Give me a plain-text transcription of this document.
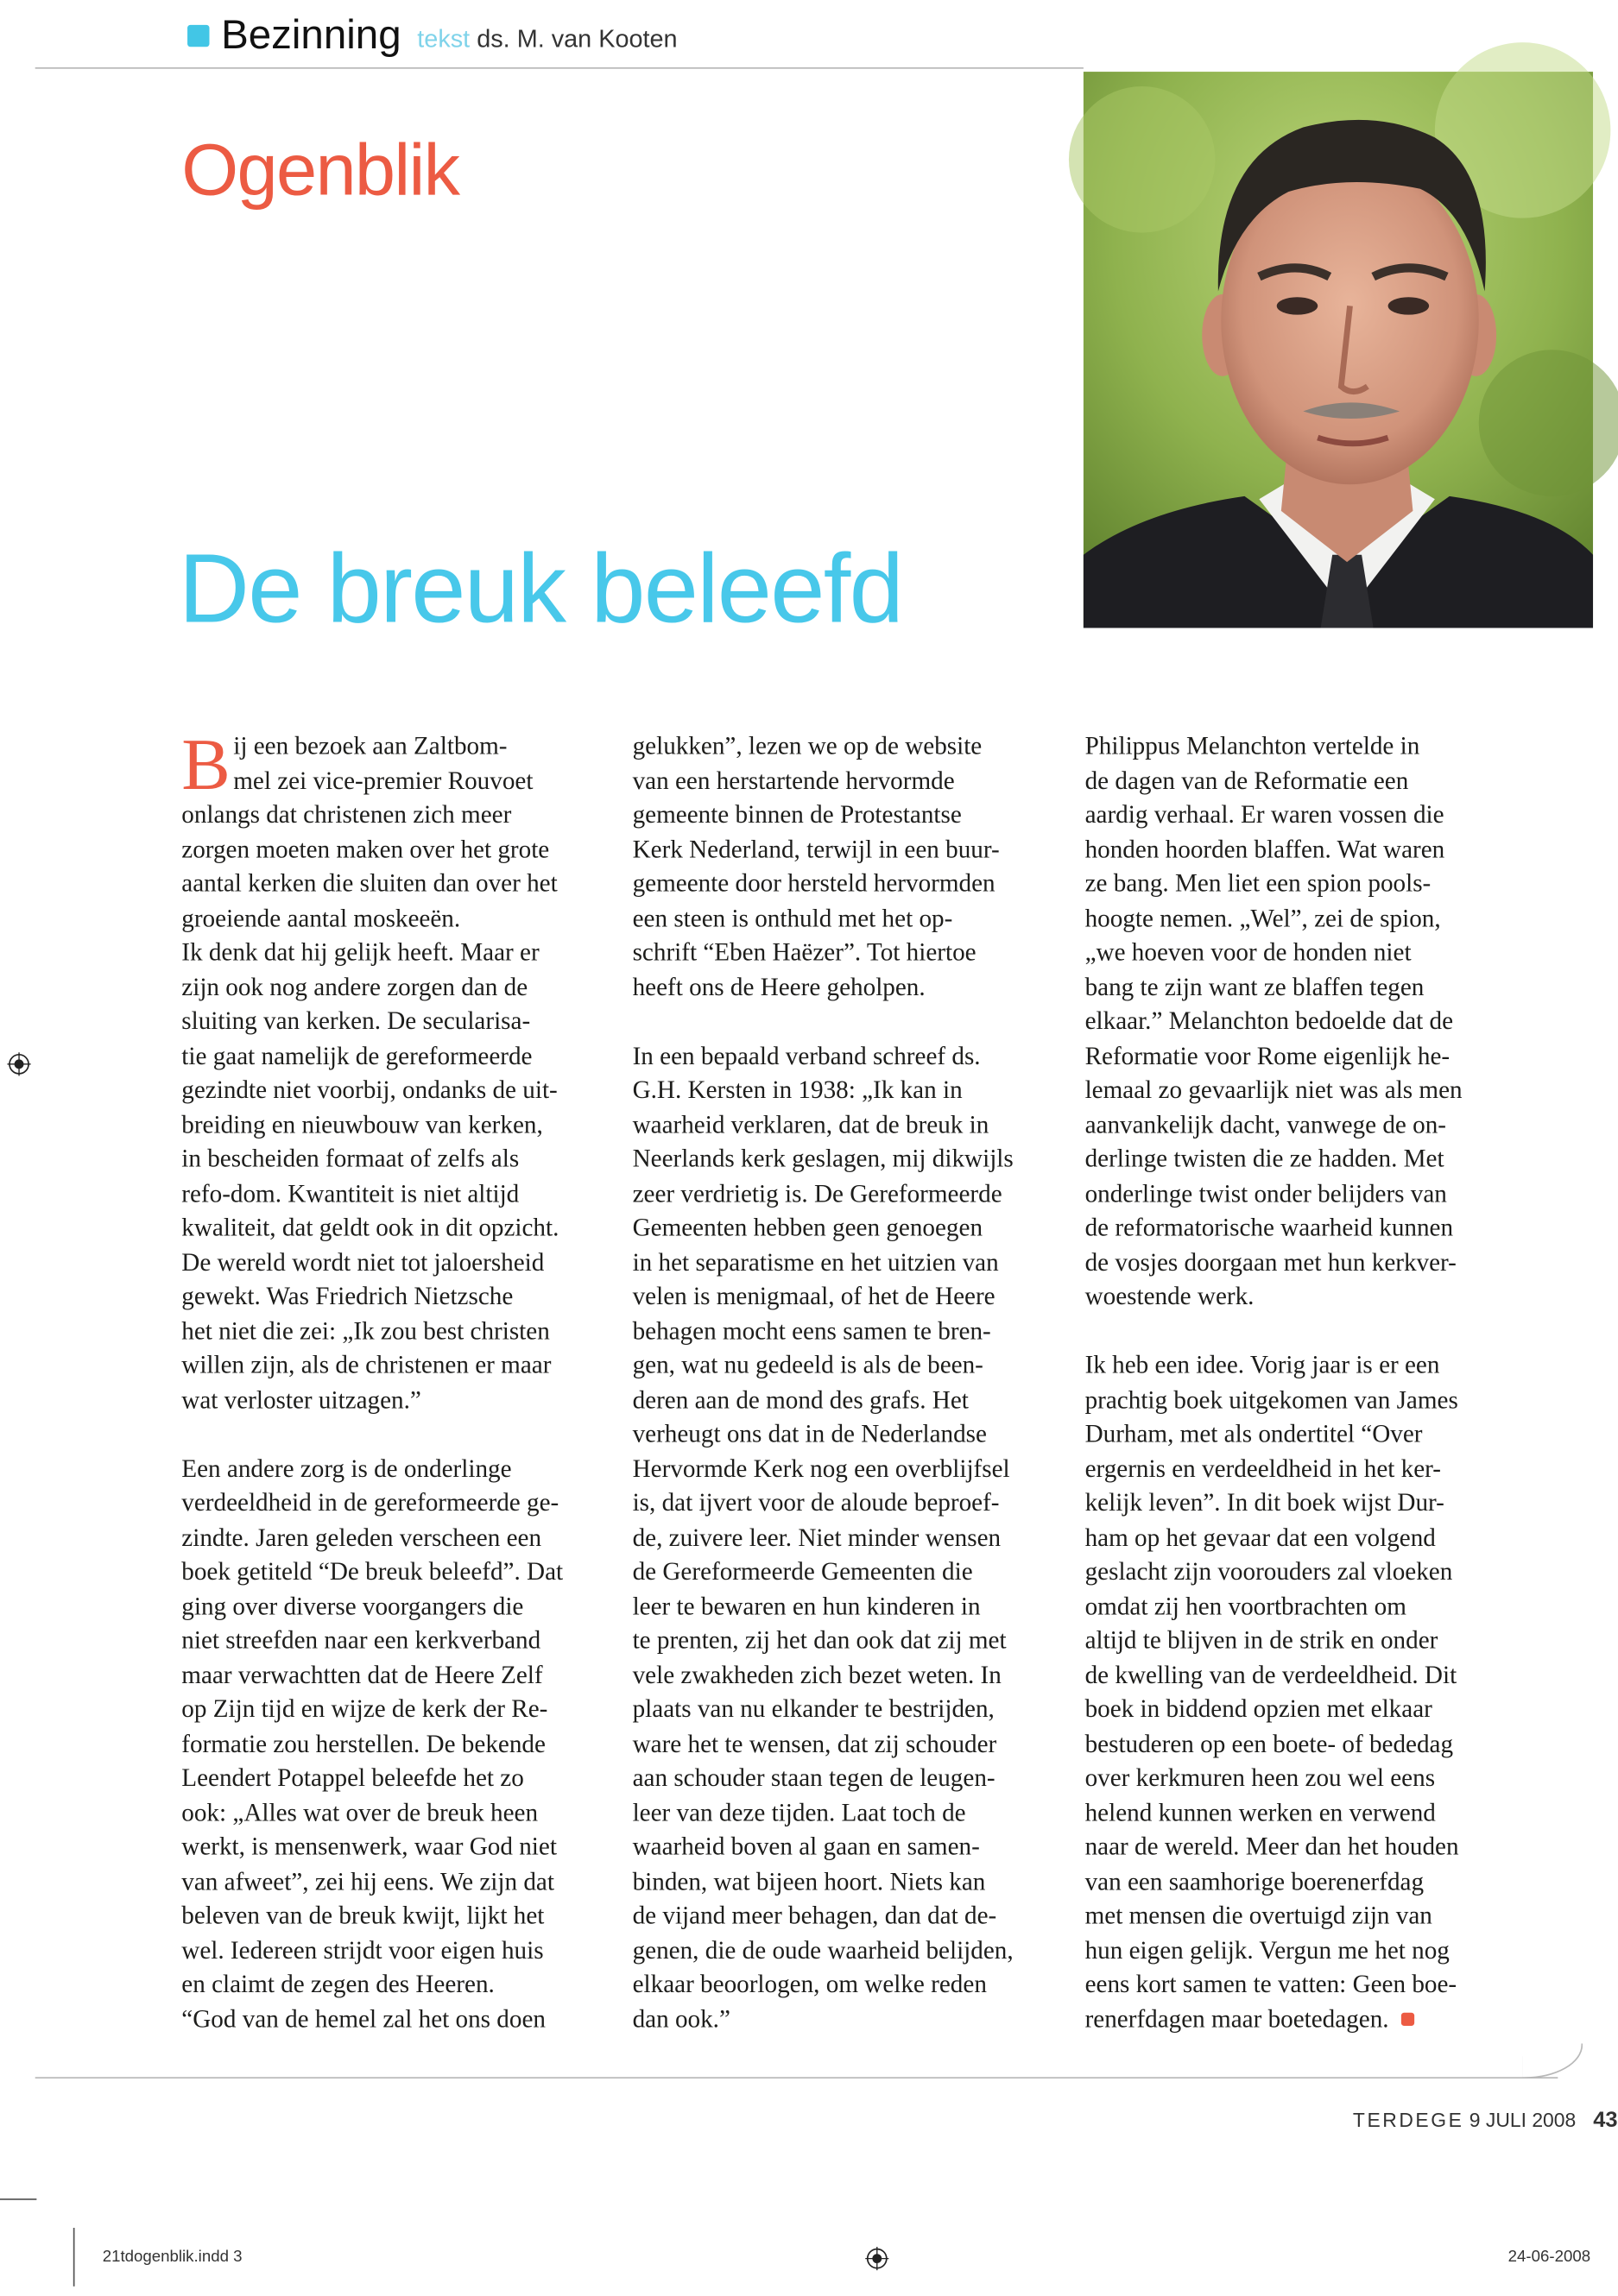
Bezinning tekst ds. M. van Kooten
Ogenblik
De breuk beleefd
B ij een bezoek aan Zaltbom-
mel zei vice-premier Rouvoet
onlangs dat christenen zich meer
zorgen moeten maken over het grote
aantal kerken die sluiten dan over het
groeiende aantal moskeeën.
Ik denk dat hij gelijk heeft. Maar er
zijn ook nog andere zorgen dan de
sluiting van kerken. De secularisa-
tie gaat namelijk de gereformeerde
gezindte niet voorbij, ondanks de uit-
breiding en nieuwbouw van kerken,
in bescheiden formaat of zelfs als
refo-dom. Kwantiteit is niet altijd
kwaliteit, dat geldt ook in dit opzicht.
De wereld wordt niet tot jaloersheid
gewekt. Was Friedrich Nietzsche
het niet die zei: „Ik zou best christen
willen zijn, als de christenen er maar
wat verloster uitzagen.”
Een andere zorg is de onderlinge
verdeeldheid in de gereformeerde ge-
zindte. Jaren geleden verscheen een
boek getiteld “De breuk beleefd”. Dat
ging over diverse voorgangers die
niet streefden naar een kerkverband
maar verwachtten dat de Heere Zelf
op Zijn tijd en wijze de kerk der Re-
formatie zou herstellen. De bekende
Leendert Potappel beleefde het zo
ook: „Alles wat over de breuk heen
werkt, is mensenwerk, waar God niet
van afweet”, zei hij eens. We zijn dat
beleven van de breuk kwijt, lijkt het
wel. Iedereen strijdt voor eigen huis
en claimt de zegen des Heeren.
“God van de hemel zal het ons doen
gelukken”, lezen we op de website
van een herstartende hervormde
gemeente binnen de Protestantse
Kerk Nederland, terwijl in een buur-
gemeente door hersteld hervormden
een steen is onthuld met het op-
schrift “Eben Haëzer”. Tot hiertoe
heeft ons de Heere geholpen.
In een bepaald verband schreef ds.
G.H. Kersten in 1938: „Ik kan in
waarheid verklaren, dat de breuk in
Neerlands kerk geslagen, mij dikwijls
zeer verdrietig is. De Gereformeerde
Gemeenten hebben geen genoegen
in het separatisme en het uitzien van
velen is menigmaal, of het de Heere
behagen mocht eens samen te bren-
gen, wat nu gedeeld is als de been-
deren aan de mond des grafs. Het
verheugt ons dat in de Nederlandse
Hervormde Kerk nog een overblijfsel
is, dat ijvert voor de aloude beproef-
de, zuivere leer. Niet minder wensen
de Gereformeerde Gemeenten die
leer te bewaren en hun kinderen in
te prenten, zij het dan ook dat zij met
vele zwakheden zich bezet weten. In
plaats van nu elkander te bestrijden,
ware het te wensen, dat zij schouder
aan schouder staan tegen de leugen-
leer van deze tijden. Laat toch de
waarheid boven al gaan en samen-
binden, wat bijeen hoort. Niets kan
de vijand meer behagen, dan dat de-
genen, die de oude waarheid belijden,
elkaar beoorlogen, om welke reden
dan ook.”
Philippus Melanchton vertelde in
de dagen van de Reformatie een
aardig verhaal. Er waren vossen die
honden hoorden blaffen. Wat waren
ze bang. Men liet een spion pools-
hoogte nemen. „Wel”, zei de spion,
„we hoeven voor de honden niet
bang te zijn want ze blaffen tegen
elkaar.” Melanchton bedoelde dat de
Reformatie voor Rome eigenlijk he-
lemaal zo gevaarlijk niet was als men
aanvankelijk dacht, vanwege de on-
derlinge twisten die ze hadden. Met
onderlinge twist onder belijders van
de reformatorische waarheid kunnen
de vosjes doorgaan met hun kerkver-
woestende werk.
Ik heb een idee. Vorig jaar is er een
prachtig boek uitgekomen van James
Durham, met als ondertitel “Over
ergernis en verdeeldheid in het ker-
kelijk leven”. In dit boek wijst Dur-
ham op het gevaar dat een volgend
geslacht zijn voorouders zal vloeken
omdat zij hen voortbrachten om
altijd te blijven in de strik en onder
de kwelling van de verdeeldheid. Dit
boek in biddend opzien met elkaar
bestuderen op een boete- of bededag
over kerkmuren heen zou wel eens
helend kunnen werken en verwend
naar de wereld. Meer dan het houden
van een saamhorige boerenerfdag
met mensen die overtuigd zijn van
hun eigen gelijk. Vergun me het nog
eens kort samen te vatten: Geen boe-
renerfdagen maar boetedagen.
TERDEGE 9 JULI 2008 43
21tdogenblik.indd 3	24-06-2008
